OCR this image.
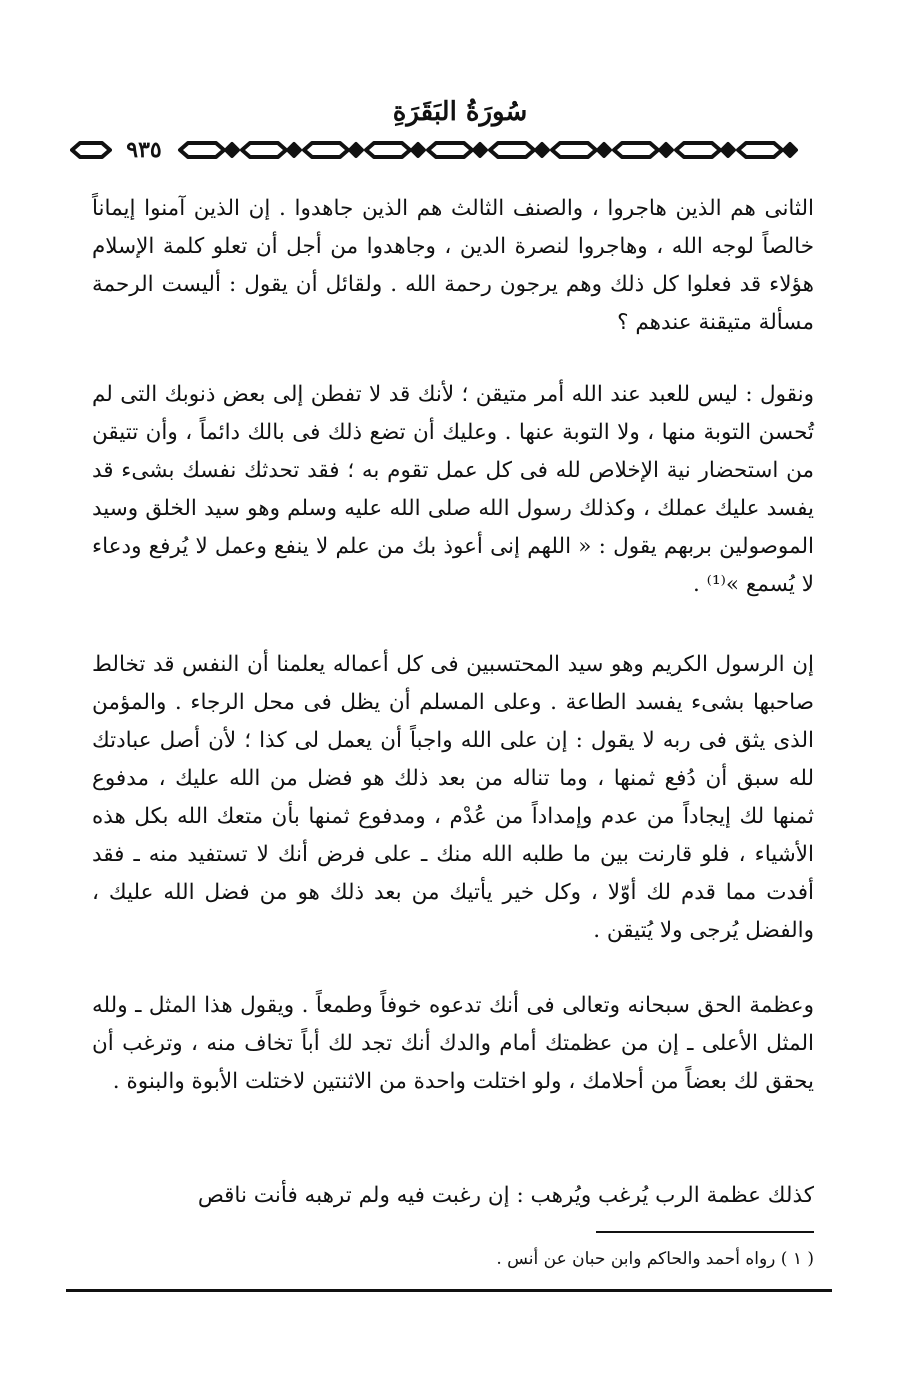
سُورَةُ البَقَرَةِ
٩٣٥

الثانى هم الذين هاجروا ، والصنف الثالث هم الذين جاهدوا . إن الذين آمنوا إيماناً خالصاً لوجه الله ، وهاجروا لنصرة الدين ، وجاهدوا من أجل أن تعلو كلمة الإسلام هؤلاء قد فعلوا كل ذلك وهم يرجون رحمة الله . ولقائل أن يقول : أليست الرحمة مسألة متيقنة عندهم ؟

ونقول : ليس للعبد عند الله أمر متيقن ؛ لأنك قد لا تفطن إلى بعض ذنوبك التى لم تُحسن التوبة منها ، ولا التوبة عنها . وعليك أن تضع ذلك فى بالك دائماً ، وأن تتيقن من استحضار نية الإخلاص لله فى كل عمل تقوم به ؛ فقد تحدثك نفسك بشىء قد يفسد عليك عملك ، وكذلك رسول الله صلى الله عليه وسلم وهو سيد الخلق وسيد الموصولين بربهم يقول : « اللهم إنى أعوذ بك من علم لا ينفع وعمل لا يُرفع ودعاء لا يُسمع »⁽¹⁾ .

إن الرسول الكريم وهو سيد المحتسبين فى كل أعماله يعلمنا أن النفس قد تخالط صاحبها بشىء يفسد الطاعة . وعلى المسلم أن يظل فى محل الرجاء . والمؤمن الذى يثق فى ربه لا يقول : إن على الله واجباً أن يعمل لى كذا ؛ لأن أصل عبادتك لله سبق أن دُفع ثمنها ، وما تناله من بعد ذلك هو فضل من الله عليك ، مدفوع ثمنها لك إيجاداً من عدم وإمداداً من عُدْم ، ومدفوع ثمنها بأن متعك الله بكل هذه الأشياء ، فلو قارنت بين ما طلبه الله منك ـ على فرض أنك لا تستفيد منه ـ فقد أفدت مما قدم لك أوّلا ، وكل خير يأتيك من بعد ذلك هو من فضل الله عليك ، والفضل يُرجى ولا يُتيقن .

وعظمة الحق سبحانه وتعالى فى أنك تدعوه خوفاً وطمعاً . ويقول هذا المثل ـ ولله المثل الأعلى ـ إن من عظمتك أمام والدك أنك تجد لك أباً تخاف منه ، وترغب أن يحقق لك بعضاً من أحلامك ، ولو اختلت واحدة من الاثنتين لاختلت الأبوة والبنوة .

كذلك عظمة الرب يُرغب ويُرهب : إن رغبت فيه ولم ترهبه فأنت ناقص

( ١ ) رواه أحمد والحاكم وابن حبان عن أنس .
